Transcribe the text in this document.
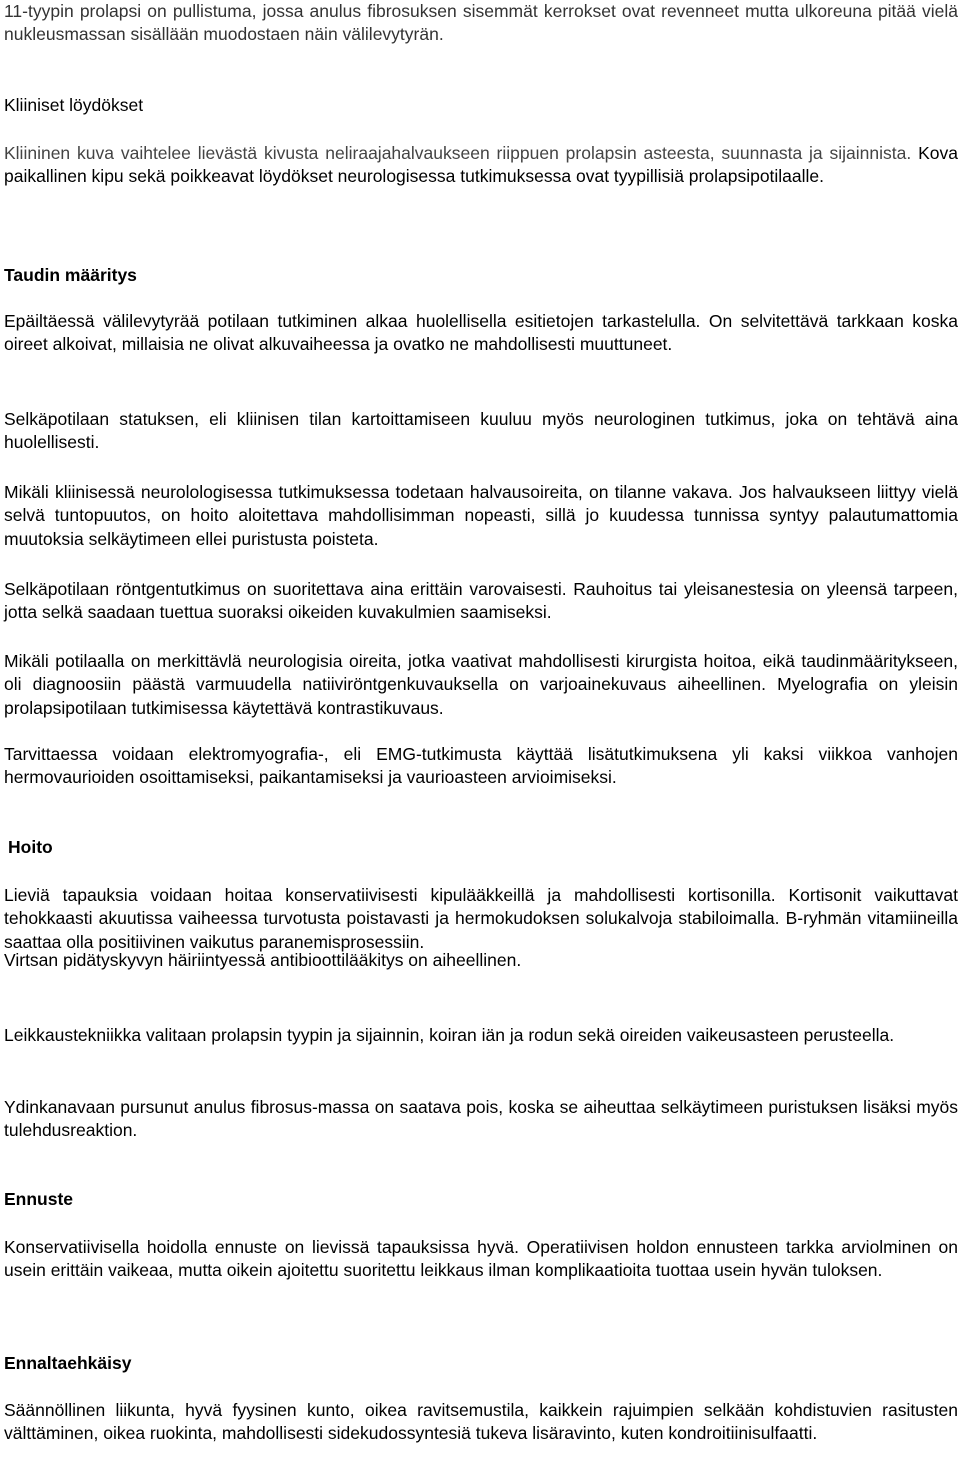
11-tyypin prolapsi on pullistuma, jossa anulus fibrosuksen sisemmät kerrokset ovat revenneet mutta ulkoreuna pitää vielä nukleusmassan sisällään muodostaen näin välilevytyrän.

Kliiniset löydökset

Kliininen kuva vaihtelee lievästä kivusta neliraajahalvaukseen riippuen prolapsin asteesta, suunnasta ja sijainnista. Kova paikallinen kipu sekä poikkeavat löydökset neurologisessa tutkimuksessa ovat tyypillisiä prolapsipotilaalle.

Taudin määritys

Epäiltäessä välilevytyrää potilaan tutkiminen alkaa huolellisella esitietojen tarkastelulla. On selvitettävä tarkkaan koska oireet alkoivat, millaisia ne olivat alkuvaiheessa ja ovatko ne mahdollisesti muuttuneet.

Selkäpotilaan statuksen, eli kliinisen tilan kartoittamiseen kuuluu myös neurologinen tutkimus, joka on tehtävä aina huolellisesti.

Mikäli kliinisessä neurolologisessa tutkimuksessa todetaan halvausoireita, on tilanne vakava. Jos halvaukseen liittyy vielä selvä tuntopuutos, on hoito aloitettava mahdollisimman nopeasti, sillä jo kuudessa tunnissa syntyy palautumattomia muutoksia selkäytimeen ellei puristusta poisteta.

Selkäpotilaan röntgentutkimus on suoritettava aina erittäin varovaisesti. Rauhoitus tai yleisanestesia on yleensä tarpeen, jotta selkä saadaan tuettua suoraksi oikeiden kuvakulmien saamiseksi.

Mikäli potilaalla on merkittävlä neurologisia oireita, jotka vaativat mahdollisesti kirurgista hoitoa, eikä taudinmääritykseen, oli diagnoosiin päästä varmuudella natiiviröntgenkuvauksella on varjoainekuvaus aiheellinen. Myelografia on yleisin prolapsipotilaan tutkimisessa käytettävä kontrastikuvaus.

Tarvittaessa voidaan elektromyografia-, eli EMG-tutkimusta käyttää lisätutkimuksena yli kaksi viikkoa vanhojen hermovaurioiden osoittamiseksi, paikantamiseksi ja vaurioasteen arvioimiseksi.

Hoito

Lieviä tapauksia voidaan hoitaa konservatiivisesti kipulääkkeillä ja mahdollisesti kortisonilla. Kortisonit vaikuttavat tehokkaasti akuutissa vaiheessa turvotusta poistavasti ja hermokudoksen solukalvoja stabiloimalla. B-ryhmän vitamiineilla saattaa olla positiivinen vaikutus paranemisprosessiin.

Virtsan pidätyskyvyn häiriintyessä antibioottilääkitys on aiheellinen.

Leikkaustekniikka valitaan prolapsin tyypin ja sijainnin, koiran iän ja rodun sekä oireiden vaikeusasteen perusteella.

Ydinkanavaan pursunut anulus fibrosus-massa on saatava pois, koska se aiheuttaa selkäytimeen puristuksen lisäksi myös tulehdusreaktion.

Ennuste

Konservatiivisella hoidolla ennuste on lievissä tapauksissa hyvä. Operatiivisen holdon ennusteen tarkka arviolminen on usein erittäin vaikeaa, mutta oikein ajoitettu suoritettu leikkaus ilman komplikaatioita tuottaa usein hyvän tuloksen.

Ennaltaehkäisy

Säännöllinen liikunta, hyvä fyysinen kunto, oikea ravitsemustila, kaikkein rajuimpien selkään kohdistuvien rasitusten välttäminen, oikea ruokinta, mahdollisesti sidekudossyntesiä tukeva lisäravinto, kuten kondroitiinisulfaatti.
